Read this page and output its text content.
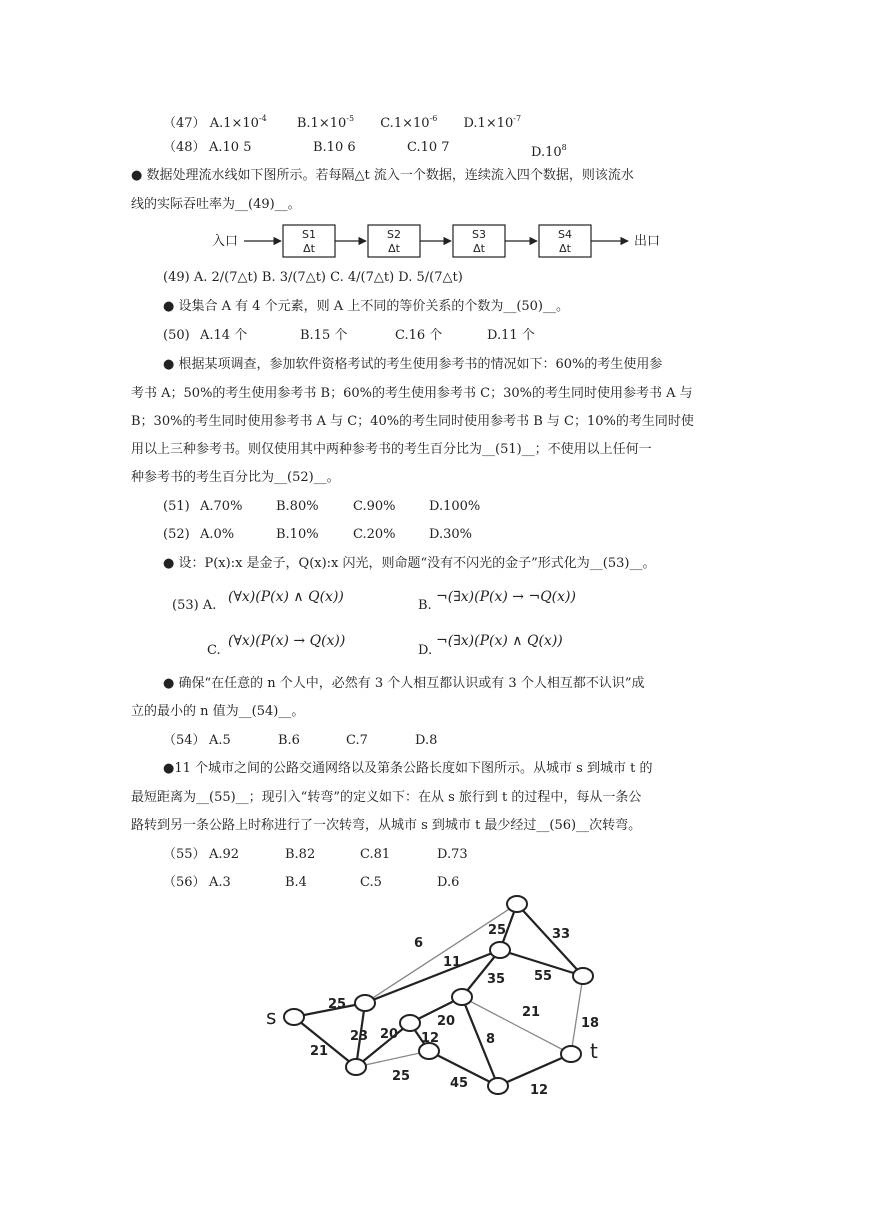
（47） $A.1\times 10^{-4}$ $B.1\times 10^{-5}$ $C.1\times 10^{-6}$ $D.1\times 10^{-7}$
（48） A.10 5	B.10 6	C.10 7	$D.10^8$
● 数据处理流水线如下图所示。若每隔△t 流入一个数据，连续流入四个数据，则该流水
线的实际吞吐率为__(49)__。
入口	S1
Δt
S2
Δt
S3
Δt
S4
Δt	出口
(49) A. 2/(7△t) B. 3/(7△t) C. 4/(7△t) D. 5/(7△t)
● 设集合 A 有 4 个元素，则 A 上不同的等价关系的个数为__(50)__。
(50) A.14 个	B.15 个	C.16 个	D.11 个
● 根据某项调查，参加软件资格考试的考生使用参考书的情况如下：60%的考生使用参
考书 A；50%的考生使用参考书 B；60%的考生使用参考书 C；30%的考生同时使用参考书 A 与
B；30%的考生同时使用参考书 A 与 C；40%的考生同时使用参考书 B 与 C；10%的考生同时使
用以上三种参考书。则仅使用其中两种参考书的考生百分比为__(51)__；不使用以上任何一
种参考书的考生百分比为__(52)__。
(51) A.70%	B.80%	C.90%	D.100%
(52) A.0%	B.10%	C.20%	D.30%
● 设：P(x):x 是金子，Q(x):x 闪光，则命题“没有不闪光的金子”形式化为__(53)__。
(53) A.
(∀x)(P(x) ∧ Q(x))
B.
¬(∃x)(P(x) → ¬Q(x))
C.
(∀x)(P(x) → Q(x))
D.
¬(∃x)(P(x) ∧ Q(x))
● 确保“在任意的 n 个人中，必然有 3 个人相互都认识或有 3 个人相互都不认识”成
立的最小的 n 值为__(54)__。
（54） A.5	B.6	C.7	D.8
●11 个城市之间的公路交通网络以及第条公路长度如下图所示。从城市 s 到城市 t 的
最短距离为__(55)__；现引入“转弯”的定义如下：在从 s 旅行到 t 的过程中，每从一条公
路转到另一条公路上时称进行了一次转弯，从城市 s 到城市 t 最少经过__(56)__次转弯。
（55） A.92	B.82	C.81	D.73
（56） A.3	B.4	C.5	D.6
s
t
6
25	33
11
35 55
25
20
21
18
23	12	8
20
21
25	45	12
